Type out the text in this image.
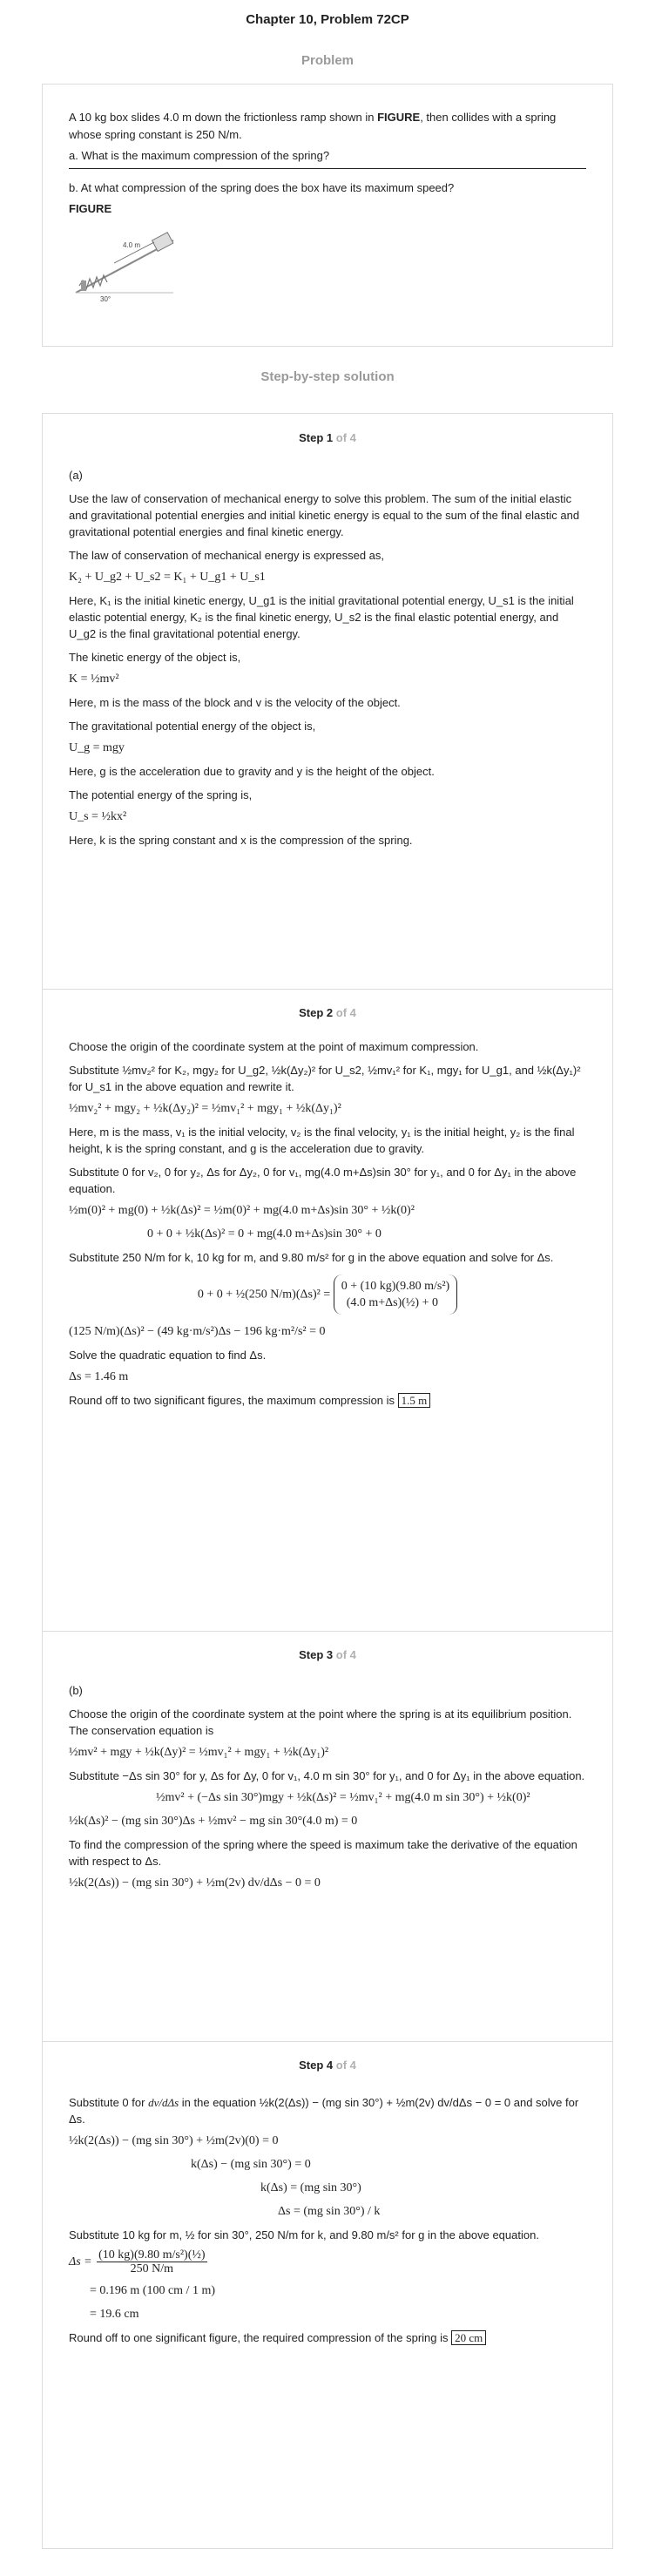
Chapter 10, Problem 72CP
Problem

A 10 kg box slides 4.0 m down the frictionless ramp shown in FIGURE, then collides with a spring whose spring constant is 250 N/m.

a. What is the maximum compression of the spring?

b. At what compression of the spring does the box have its maximum speed?

FIGURE

4.0 m
30°
Step-by-step solution
Step 1 of 4

(a)

Use the law of conservation of mechanical energy to solve this problem. The sum of the initial elastic and gravitational potential energies and initial kinetic energy is equal to the sum of the final elastic and gravitational potential energies and final kinetic energy.

The law of conservation of mechanical energy is expressed as,

K₂ + U_g2 + U_s2 = K₁ + U_g1 + U_s1

Here, K₁ is the initial kinetic energy, U_g1 is the initial gravitational potential energy, U_s1 is the initial elastic potential energy, K₂ is the final kinetic energy, U_s2 is the final elastic potential energy, and U_g2 is the final gravitational potential energy.

The kinetic energy of the object is,

K = ½mv²

Here, m is the mass of the block and v is the velocity of the object.

The gravitational potential energy of the object is,

U_g = mgy

Here, g is the acceleration due to gravity and y is the height of the object.

The potential energy of the spring is,

U_s = ½kx²

Here, k is the spring constant and x is the compression of the spring.

Step 2 of 4

Choose the origin of the coordinate system at the point of maximum compression.

Substitute ½mv₂² for K₂, mgy₂ for U_g2, ½k(Δy₂)² for U_s2, ½mv₁² for K₁, mgy₁ for U_g1, and ½k(Δy₁)² for U_s1 in the above equation and rewrite it.

½mv₂² + mgy₂ + ½k(Δy₂)² = ½mv₁² + mgy₁ + ½k(Δy₁)²

Here, m is the mass, v₁ is the initial velocity, v₂ is the final velocity, y₁ is the initial height, y₂ is the final height, k is the spring constant, and g is the acceleration due to gravity.

Substitute 0 for v₂, 0 for y₂, Δs for Δy₂, 0 for v₁, mg(4.0 m+Δs)sin 30° for y₁, and 0 for Δy₁ in the above equation.

½m(0)² + mg(0) + ½k(Δs)² = ½m(0)² + mg(4.0 m+Δs)sin 30° + ½k(0)²
0 + 0 + ½k(Δs)² = 0 + mg(4.0 m+Δs)sin 30° + 0

Substitute 250 N/m for k, 10 kg for m, and 9.80 m/s² for g in the above equation and solve for Δs.

0 + 0 + ½(250 N/m)(Δs)² =
0 + (10 kg)(9.80 m/s²)
(4.0 m+Δs)(½) + 0
(125 N/m)(Δs)² − (49 kg·m/s²)Δs − 196 kg·m²/s² = 0

Solve the quadratic equation to find Δs.

Δs = 1.46 m

Round off to two significant figures, the maximum compression is 1.5 m

Step 3 of 4

(b)

Choose the origin of the coordinate system at the point where the spring is at its equilibrium position. The conservation equation is

½mv² + mgy + ½k(Δy)² = ½mv₁² + mgy₁ + ½k(Δy₁)²

Substitute −Δs sin 30° for y, Δs for Δy, 0 for v₁, 4.0 m sin 30° for y₁, and 0 for Δy₁ in the above equation.

½mv² + (−Δs sin 30°)mgy + ½k(Δs)² = ½mv₁² + mg(4.0 m sin 30°) + ½k(0)²
½k(Δs)² − (mg sin 30°)Δs + ½mv² − mg sin 30°(4.0 m) = 0

To find the compression of the spring where the speed is maximum take the derivative of the equation with respect to Δs.

½k(2(Δs)) − (mg sin 30°) + ½m(2v) dv/dΔs − 0 = 0
Step 4 of 4

Substitute 0 for dv/dΔs in the equation ½k(2(Δs)) − (mg sin 30°) + ½m(2v) dv/dΔs − 0 = 0 and solve for Δs.

½k(2(Δs)) − (mg sin 30°) + ½m(2v)(0) = 0
k(Δs) − (mg sin 30°) = 0
k(Δs) = (mg sin 30°)
Δs = (mg sin 30°) / k

Substitute 10 kg for m, ½ for sin 30°, 250 N/m for k, and 9.80 m/s² for g in the above equation.

$\Delta s = \frac{\text{(10 kg)(9.80 m/s²)(½)}}{250 N/m}$
= 0.196 m (100 cm / 1 m)
= 19.6 cm

Round off to one significant figure, the required compression of the spring is 20 cm
